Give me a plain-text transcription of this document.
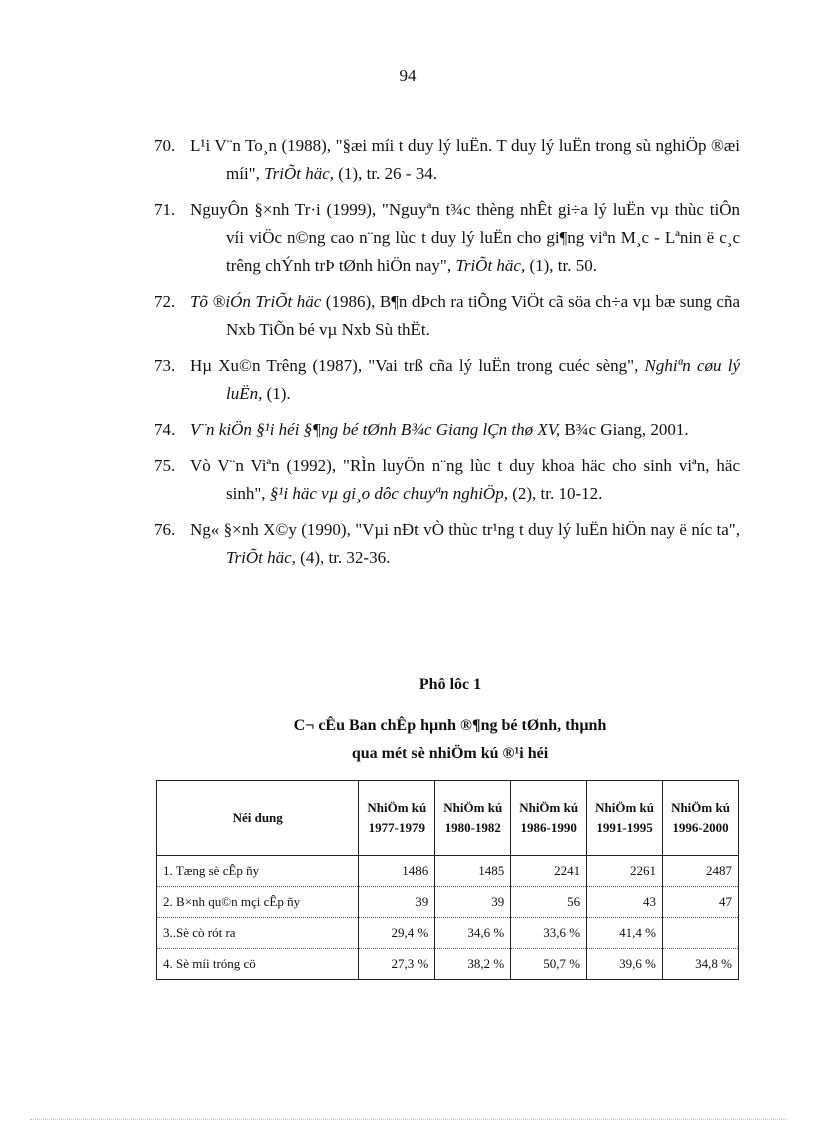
94
70. L¹i V¨n To¸n (1988), "§æi míi t duy lý luËn. T duy lý luËn trong sù nghiÖp ®æi míi", TriÕt häc, (1), tr. 26 - 34.
71. NguyÔn §×nh Tr·i (1999), "Nguyªn t¾c thèng nhÊt gi÷a lý luËn vµ thùc tiÔn víi viÖc n©ng cao n¨ng lùc t duy lý luËn cho gi¶ng viªn M¸c - Lªnin ë c¸c trêng chÝnh trÞ tØnh hiÖn nay", TriÕt häc, (1), tr. 50.
72. Tõ ®iÓn TriÕt häc (1986), B¶n dÞch ra tiÕng ViÖt cã söa ch÷a vµ bæ sung cña Nxb TiÕn bé vµ Nxb Sù thËt.
73. Hµ Xu©n Trêng (1987), "Vai trß cña lý luËn trong cuéc sèng", Nghiªn cøu lý luËn, (1).
74. V¨n kiÖn §¹i héi §¶ng bé tØnh B¾c Giang lÇn thø XV, B¾c Giang, 2001.
75. Vò V¨n Viªn (1992), "RÌn luyÖn n¨ng lùc t duy khoa häc cho sinh viªn, häc sinh", §¹i häc vµ gi¸o dôc chuyªn nghiÖp, (2), tr. 10-12.
76. Ng« §×nh X©y (1990), "Vµi nÐt vÒ thùc tr¹ng t duy lý luËn hiÖn nay ë níc ta", TriÕt häc, (4), tr. 32-36.
Phô lôc 1
C¬ cÊu Ban chÊp hµnh ®¶ng bé tØnh, thµnh
qua mét sè nhiÖm kú ®¹i héi
Néi dung	NhiÖm kú 1977-1979	NhiÖm kú 1980-1982	NhiÖm kú 1986-1990	NhiÖm kú 1991-1995	NhiÖm kú 1996-2000
1. Tæng sè cÊp ñy	1486	1485	2241	2261	2487
2. B×nh qu©n mçi cÊp ñy	39	39	56	43	47
3..Sè cò rót ra	29,4 %	34,6 %	33,6 %	41,4 %	
4. Sè míi tróng cö	27,3 %	38,2 %	50,7 %	39,6 %	34,8 %
